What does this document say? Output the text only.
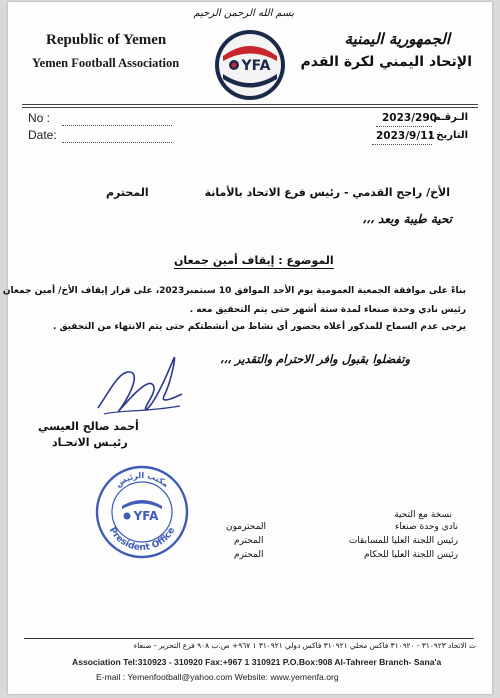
بسم الله الرحمن الرحيم
Republic of Yemen
Yemen Football Association
الجمهورية اليمنية
الإتحاد اليمني لكرة القدم
YFA
No :
Date:
2023/290
الـرقـم :
2023/9/11
التاريخ :
الأخ/ راجح القدمي - رئيس فرع الاتحاد بالأمانة
المحترم
تحية طيبة وبعد ،،،
الموضوع : إيقاف أمين جمعان
بناءً على موافقة الجمعية العمومية يوم الأحد الموافق 10 سبتمبر2023، على قرار إيقاف الأخ/ أمين جمعان
رئيس نادي وحدة صنعاء لمدة ستة أشهر حتى يتم التحقيق معه .
يرجى عدم السماح للمذكور أعلاه بحضور أي نشاط من أنشطتكم حتى يتم الانتهاء من التحقيق .
وتفضلوا بقبول وافر الاحترام والتقدير ،،،
أحمد صالح العيسي
رئيـس الاتحـاد
مكتب الرئيس
President Office
YFA	نسخة مع التحية
نادي وحدة صنعاء
رئيس اللجنة العليا للمسابقات
رئيس اللجنة العليا للحكام
المحترمون
المحترم
المحترم
ت الاتحاد ٣١٠٩٢٣ - ٣١٠٩٢٠ فاكس محلي ٣١٠٩٢١ فاكس دولي ٣١٠٩٢١ ١ ٩٦٧+ ص.ب ٩٠٨ فرع التحرير - صنعاء
Association Tel:310923 - 310920 Fax:+967 1 310921 P.O.Box:908 Al-Tahreer Branch- Sana'a
E-mail : Yemenfootball@yahoo.com Website: www.yemenfa.org
